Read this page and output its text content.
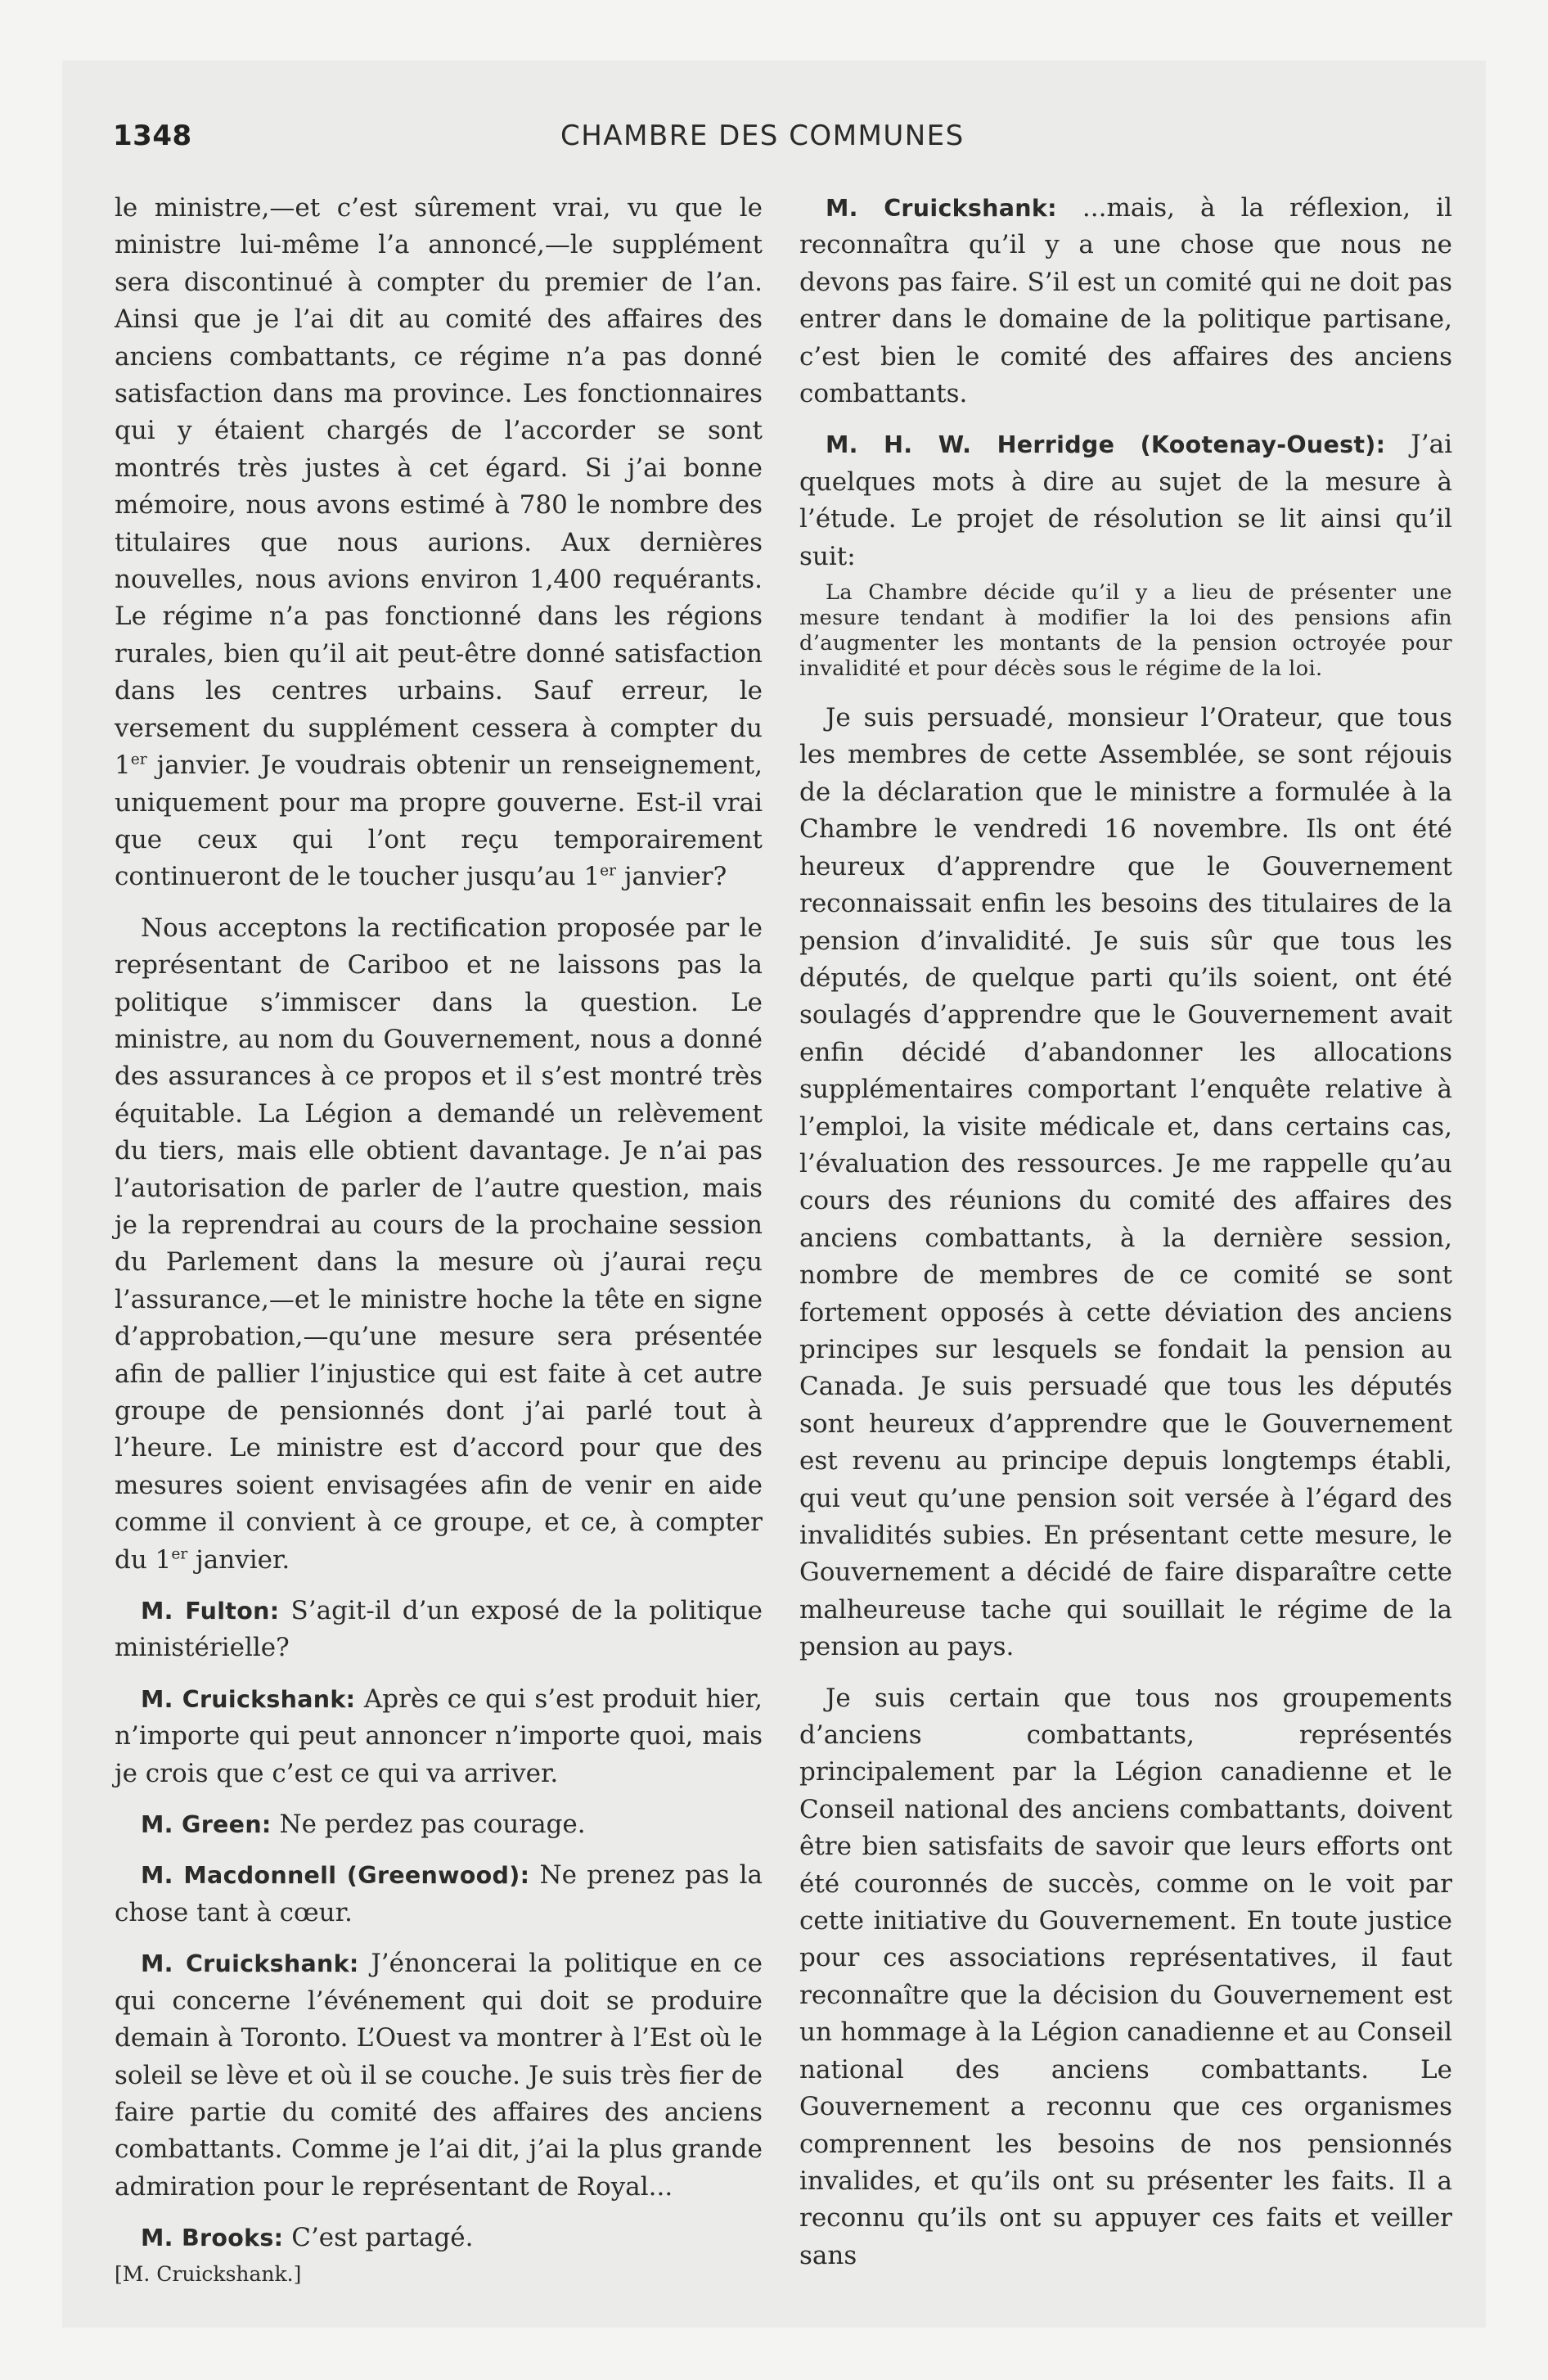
1348	CHAMBRE DES COMMUNES

le ministre,—et c’est sûrement vrai, vu que le ministre lui-même l’a annoncé,—le supplément sera discontinué à compter du premier de l’an. Ainsi que je l’ai dit au comité des affaires des anciens combattants, ce régime n’a pas donné satisfaction dans ma province. Les fonctionnaires qui y étaient chargés de l’accorder se sont montrés très justes à cet égard. Si j’ai bonne mémoire, nous avons estimé à 780 le nombre des titulaires que nous aurions. Aux dernières nouvelles, nous avions environ 1,400 requérants. Le régime n’a pas fonctionné dans les régions rurales, bien qu’il ait peut-être donné satisfaction dans les centres urbains. Sauf erreur, le versement du supplément cessera à compter du 1er janvier. Je voudrais obtenir un renseignement, uniquement pour ma propre gouverne. Est-il vrai que ceux qui l’ont reçu temporairement continueront de le toucher jusqu’au 1er janvier?

Nous acceptons la rectification proposée par le représentant de Cariboo et ne laissons pas la politique s’immiscer dans la question. Le ministre, au nom du Gouvernement, nous a donné des assurances à ce propos et il s’est montré très équitable. La Légion a demandé un relèvement du tiers, mais elle obtient davantage. Je n’ai pas l’autorisation de parler de l’autre question, mais je la reprendrai au cours de la prochaine session du Parlement dans la mesure où j’aurai reçu l’assurance,—et le ministre hoche la tête en signe d’approbation,—qu’une mesure sera présentée afin de pallier l’injustice qui est faite à cet autre groupe de pensionnés dont j’ai parlé tout à l’heure. Le ministre est d’accord pour que des mesures soient envisagées afin de venir en aide comme il convient à ce groupe, et ce, à compter du 1er janvier.

M. Fulton: S’agit-il d’un exposé de la politique ministérielle?

M. Cruickshank: Après ce qui s’est produit hier, n’importe qui peut annoncer n’importe quoi, mais je crois que c’est ce qui va arriver.

M. Green: Ne perdez pas courage.

M. Macdonnell (Greenwood): Ne prenez pas la chose tant à cœur.

M. Cruickshank: J’énoncerai la politique en ce qui concerne l’événement qui doit se produire demain à Toronto. L’Ouest va montrer à l’Est où le soleil se lève et où il se couche. Je suis très fier de faire partie du comité des affaires des anciens combattants. Comme je l’ai dit, j’ai la plus grande admiration pour le représentant de Royal...

M. Brooks: C’est partagé.

[M. Cruickshank.]

M. Cruickshank: ...mais, à la réflexion, il reconnaîtra qu’il y a une chose que nous ne devons pas faire. S’il est un comité qui ne doit pas entrer dans le domaine de la politique partisane, c’est bien le comité des affaires des anciens combattants.

M. H. W. Herridge (Kootenay-Ouest): J’ai quelques mots à dire au sujet de la mesure à l’étude. Le projet de résolution se lit ainsi qu’il suit:

La Chambre décide qu’il y a lieu de présenter une mesure tendant à modifier la loi des pensions afin d’augmenter les montants de la pension octroyée pour invalidité et pour décès sous le régime de la loi.

Je suis persuadé, monsieur l’Orateur, que tous les membres de cette Assemblée, se sont réjouis de la déclaration que le ministre a formulée à la Chambre le vendredi 16 novembre. Ils ont été heureux d’apprendre que le Gouvernement reconnaissait enfin les besoins des titulaires de la pension d’invalidité. Je suis sûr que tous les députés, de quelque parti qu’ils soient, ont été soulagés d’apprendre que le Gouvernement avait enfin décidé d’abandonner les allocations supplémentaires comportant l’enquête relative à l’emploi, la visite médicale et, dans certains cas, l’évaluation des ressources. Je me rappelle qu’au cours des réunions du comité des affaires des anciens combattants, à la dernière session, nombre de membres de ce comité se sont fortement opposés à cette déviation des anciens principes sur lesquels se fondait la pension au Canada. Je suis persuadé que tous les députés sont heureux d’apprendre que le Gouvernement est revenu au principe depuis longtemps établi, qui veut qu’une pension soit versée à l’égard des invalidités subies. En présentant cette mesure, le Gouvernement a décidé de faire disparaître cette malheureuse tache qui souillait le régime de la pension au pays.

Je suis certain que tous nos groupements d’anciens combattants, représentés principalement par la Légion canadienne et le Conseil national des anciens combattants, doivent être bien satisfaits de savoir que leurs efforts ont été couronnés de succès, comme on le voit par cette initiative du Gouvernement. En toute justice pour ces associations représentatives, il faut reconnaître que la décision du Gouvernement est un hommage à la Légion canadienne et au Conseil national des anciens combattants. Le Gouvernement a reconnu que ces organismes comprennent les besoins de nos pensionnés invalides, et qu’ils ont su présenter les faits. Il a reconnu qu’ils ont su appuyer ces faits et veiller sans
